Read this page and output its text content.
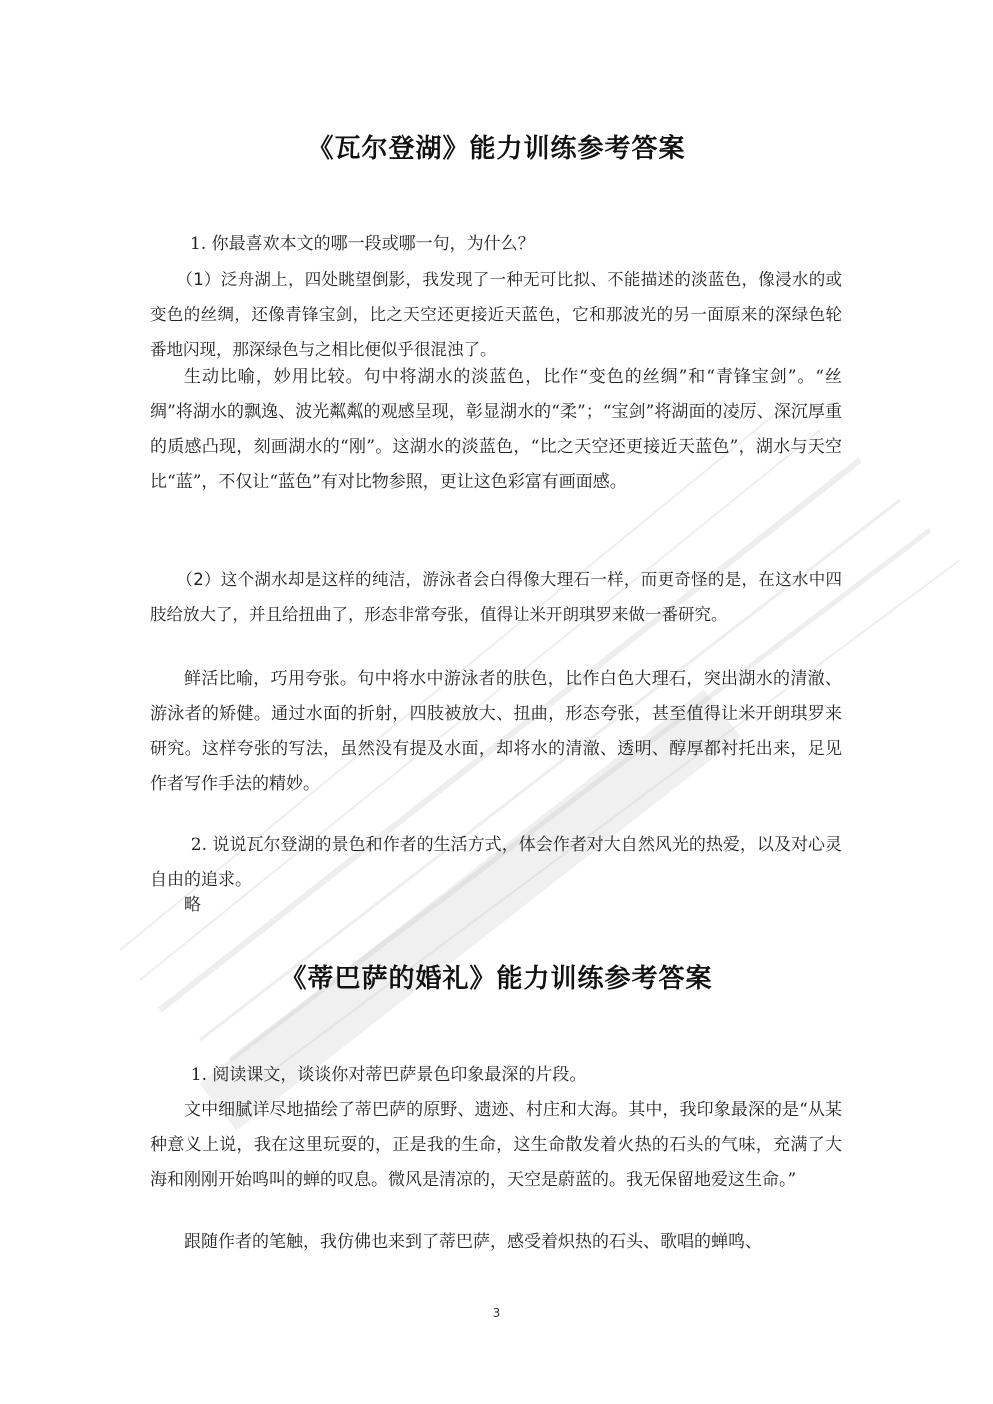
《瓦尔登湖》能力训练参考答案

1. 你最喜欢本文的哪一段或哪一句，为什么？

（1）泛舟湖上，四处眺望倒影，我发现了一种无可比拟、不能描述的淡蓝色，像浸水的或变色的丝绸，还像青锋宝剑，比之天空还更接近天蓝色，它和那波光的另一面原来的深绿色轮番地闪现，那深绿色与之相比便似乎很混浊了。

生动比喻，妙用比较。句中将湖水的淡蓝色，比作“变色的丝绸”和“青锋宝剑”。“丝绸”将湖水的飘逸、波光粼粼的观感呈现，彰显湖水的“柔”；“宝剑”将湖面的凌厉、深沉厚重的质感凸现，刻画湖水的“刚”。这湖水的淡蓝色，“比之天空还更接近天蓝色”，湖水与天空比“蓝”，不仅让“蓝色”有对比物参照，更让这色彩富有画面感。

（2）这个湖水却是这样的纯洁，游泳者会白得像大理石一样，而更奇怪的是，在这水中四肢给放大了，并且给扭曲了，形态非常夸张，值得让米开朗琪罗来做一番研究。

鲜活比喻，巧用夸张。句中将水中游泳者的肤色，比作白色大理石，突出湖水的清澈、游泳者的矫健。通过水面的折射，四肢被放大、扭曲，形态夸张，甚至值得让米开朗琪罗来研究。这样夸张的写法，虽然没有提及水面，却将水的清澈、透明、醇厚都衬托出来，足见作者写作手法的精妙。

2. 说说瓦尔登湖的景色和作者的生活方式，体会作者对大自然风光的热爱，以及对心灵自由的追求。

略

《蒂巴萨的婚礼》能力训练参考答案

1. 阅读课文，谈谈你对蒂巴萨景色印象最深的片段。

文中细腻详尽地描绘了蒂巴萨的原野、遗迹、村庄和大海。其中，我印象最深的是“从某种意义上说，我在这里玩耍的，正是我的生命，这生命散发着火热的石头的气味，充满了大海和刚刚开始鸣叫的蝉的叹息。微风是清凉的，天空是蔚蓝的。我无保留地爱这生命。”

跟随作者的笔触，我仿佛也来到了蒂巴萨，感受着炽热的石头、歌唱的蝉鸣、

3
